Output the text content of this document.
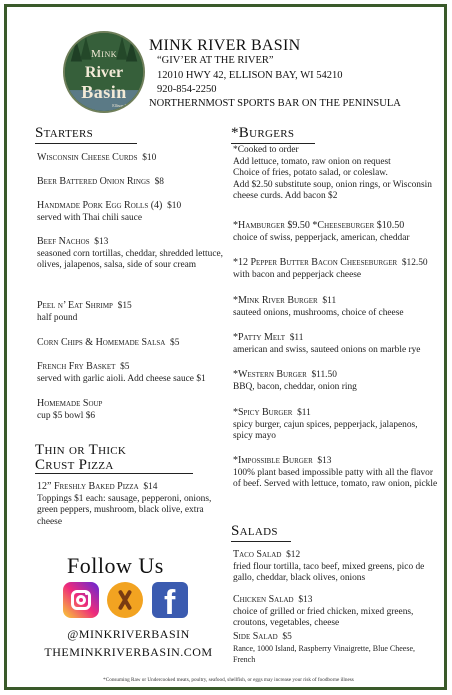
Mink
River
Basin
Ellison Bay
MINK RIVER BASIN
“GIV’ER AT THE RIVER”
12010 HWY 42, ELLISON BAY, WI 54210
920-854-2250
NORTHERNMOST SPORTS BAR ON THE PENINSULA
Starters
Wisconsin Cheese Curds $10
Beer Battered Onion Rings $8
Handmade Pork Egg Rolls (4) $10
served with Thai chili sauce
Beef Nachos $13
seasoned corn tortillas, cheddar, shredded lettuce, olives, jalapenos, salsa, side of sour cream
Peel n’ Eat Shrimp $15
half pound
Corn Chips & Homemade Salsa $5
French Fry Basket $5
served with garlic aioli. Add cheese sauce $1
Homemade Soup
cup $5 bowl $6
Thin or Thick
Crust Pizza
12” Freshly Baked Pizza $14
Toppings $1 each: sausage, pepperoni, onions, green peppers, mushroom, black olive, extra cheese
*Burgers
*Cooked to order
Add lettuce, tomato, raw onion on request
Choice of fries, potato salad, or coleslaw.
Add $2.50 substitute soup, onion rings, or Wisconsin cheese curds. Add bacon $2
*Hamburger $9.50 *Cheeseburger $10.50
choice of swiss, pepperjack, american, cheddar
*12 Pepper Butter Bacon Cheeseburger $12.50
with bacon and pepperjack cheese
*Mink River Burger $11
sauteed onions, mushrooms, choice of cheese
*Patty Melt $11
american and swiss, sauteed onions on marble rye
*Western Burger $11.50
BBQ, bacon, cheddar, onion ring
*Spicy Burger $11
spicy burger, cajun spices, pepperjack, jalapenos, spicy mayo
*Impossible Burger $13
100% plant based impossible patty with all the flavor of beef. Served with lettuce, tomato, raw onion, pickle
Salads
Taco Salad $12
fried flour tortilla, taco beef, mixed greens, pico de gallo, cheddar, black olives, onions
Chicken Salad $13
choice of grilled or fried chicken, mixed greens, croutons, vegetables, cheese
Side Salad $5
Rance, 1000 Island, Raspberry Vinaigrette, Blue Cheese, French
Follow Us
f
@MINKRIVERBASIN
THEMINKRIVERBASIN.COM
*Consuming Raw or Undercooked meats, poultry, seafood, shellfish, or eggs may increase your risk of foodborne illness
